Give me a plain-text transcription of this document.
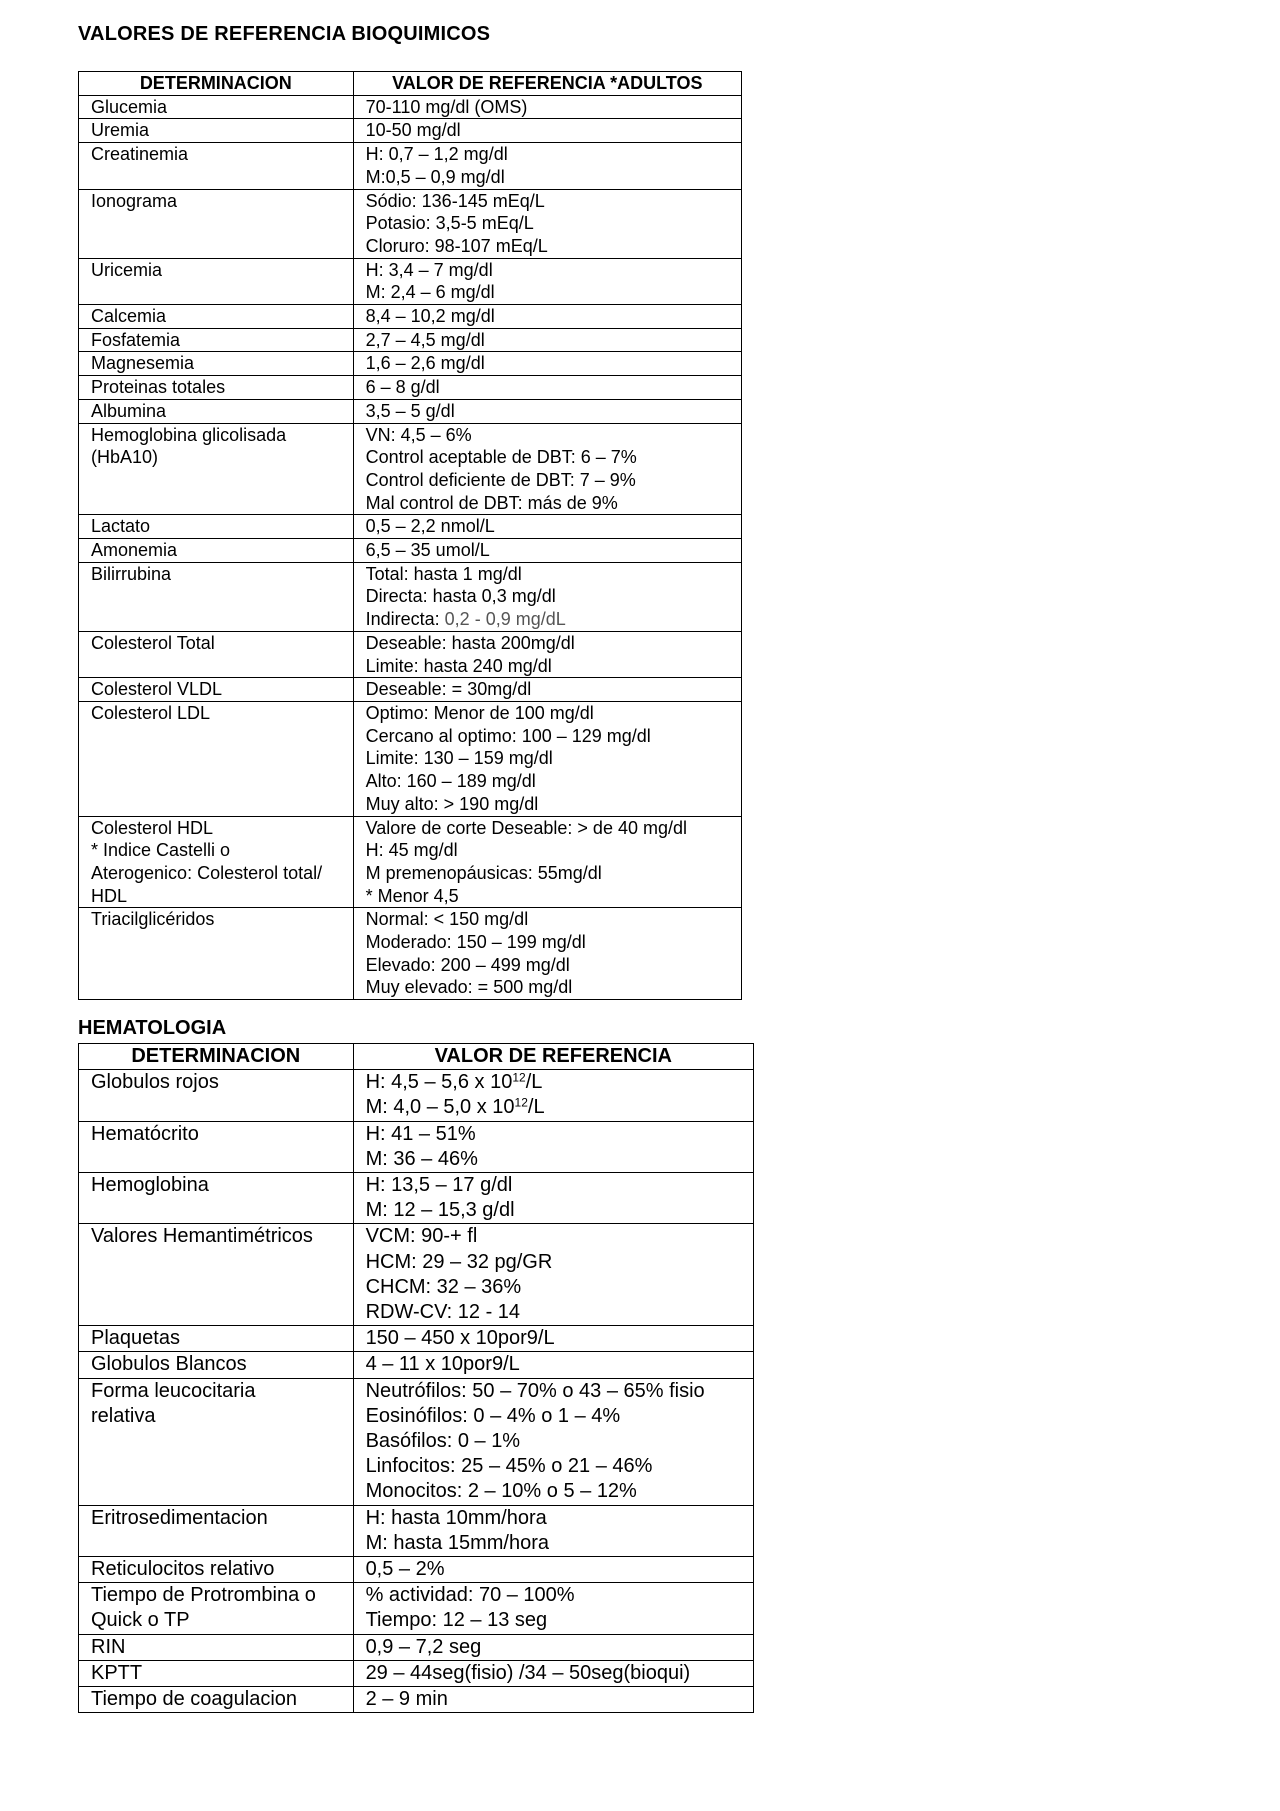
VALORES DE REFERENCIA BIOQUIMICOS
DETERMINACION	VALOR DE REFERENCIA *ADULTOS

Glucemia	70-110 mg/dl (OMS)

Uremia	10-50 mg/dl

Creatinemia	H: 0,7 – 1,2 mg/dl
M:0,5 – 0,9 mg/dl

Ionograma	Sódio: 136-145 mEq/L
Potasio: 3,5-5 mEq/L
Cloruro: 98-107 mEq/L

Uricemia	H: 3,4 – 7 mg/dl
M: 2,4 – 6 mg/dl

Calcemia	8,4 – 10,2 mg/dl

Fosfatemia	2,7 – 4,5 mg/dl

Magnesemia	1,6 – 2,6 mg/dl

Proteinas totales	6 – 8 g/dl

Albumina	3,5 – 5 g/dl

Hemoglobina glicolisada
(HbA10)	VN: 4,5 – 6%
Control aceptable de DBT: 6 – 7%
Control deficiente de DBT: 7 – 9%
Mal control de DBT: más de 9%

Lactato	0,5 – 2,2 nmol/L

Amonemia	6,5 – 35 umol/L

Bilirrubina	Total: hasta 1 mg/dl
Directa: hasta 0,3 mg/dl
Indirecta: 0,2 - 0,9 mg/dL

Colesterol Total	Deseable: hasta 200mg/dl
Limite: hasta 240 mg/dl

Colesterol VLDL	Deseable: = 30mg/dl

Colesterol LDL	Optimo: Menor de 100 mg/dl
Cercano al optimo: 100 – 129 mg/dl
Limite: 130 – 159 mg/dl
Alto: 160 – 189 mg/dl
Muy alto: > 190 mg/dl

Colesterol HDL
* Indice Castelli o
Aterogenico: Colesterol total/
HDL	Valore de corte Deseable: > de 40 mg/dl
H: 45 mg/dl
M premenopáusicas: 55mg/dl
* Menor 4,5

Triacilglicéridos	Normal: < 150 mg/dl
Moderado: 150 – 199 mg/dl
Elevado: 200 – 499 mg/dl
Muy elevado: = 500 mg/dl
HEMATOLOGIA
DETERMINACION	VALOR DE REFERENCIA

Globulos rojos	H: 4,5 – 5,6 x $10^{12}/L$
M: 4,0 – 5,0 x $10^{12}/L$

Hematócrito	H: 41 – 51%
M: 36 – 46%

Hemoglobina	H: 13,5 – 17 g/dl
M: 12 – 15,3 g/dl

Valores Hemantimétricos	VCM: 90-+ fl
HCM: 29 – 32 pg/GR
CHCM: 32 – 36%
RDW-CV: 12 - 14

Plaquetas	150 – 450 x 10por9/L

Globulos Blancos	4 – 11 x 10por9/L

Forma leucocitaria
relativa	Neutrófilos: 50 – 70% o 43 – 65% fisio
Eosinófilos: 0 – 4% o 1 – 4%
Basófilos: 0 – 1%
Linfocitos: 25 – 45% o 21 – 46%
Monocitos: 2 – 10% o 5 – 12%

Eritrosedimentacion	H: hasta 10mm/hora
M: hasta 15mm/hora

Reticulocitos relativo	0,5 – 2%

Tiempo de Protrombina o
Quick o TP	% actividad: 70 – 100%
Tiempo: 12 – 13 seg

RIN	0,9 – 7,2 seg

KPTT	29 – 44seg(fisio) /34 – 50seg(bioqui)

Tiempo de coagulacion	2 – 9 min
